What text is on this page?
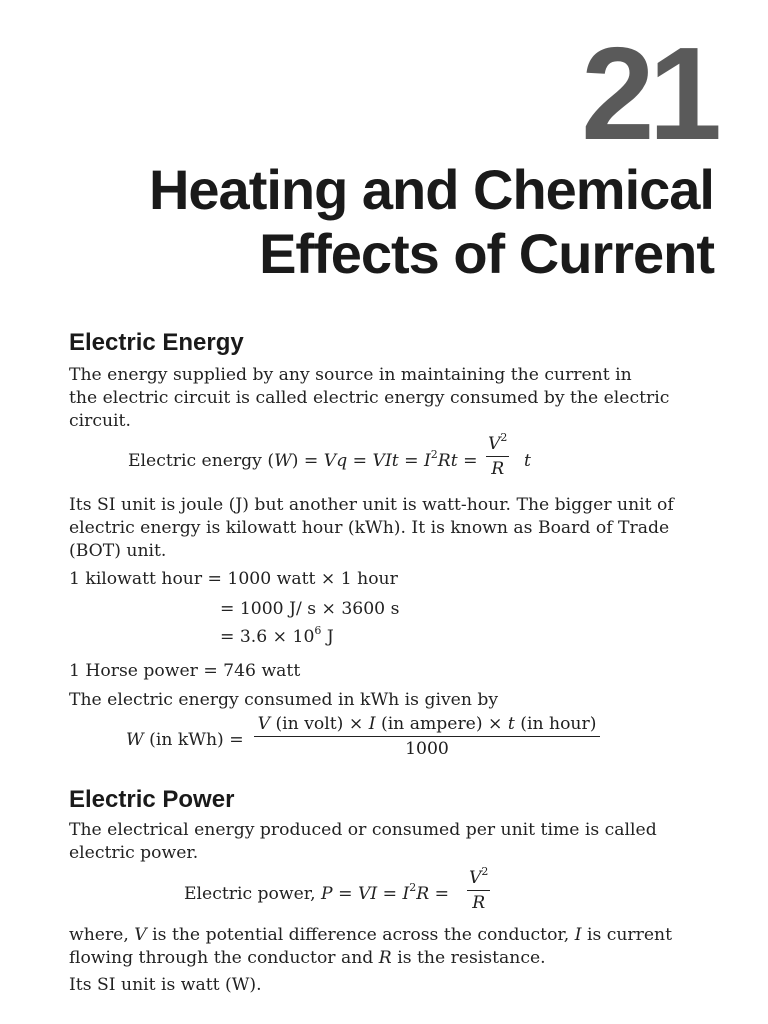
21
Heating and Chemical
Effects of Current
Electric Energy
The energy supplied by any source in maintaining the current in
the electric circuit is called electric energy consumed by the electric
circuit.
Electric energy (W) = Vq = VIt = $I^2Rt = \frac{V^2}{R}$ t
Its SI unit is joule (J) but another unit is watt-hour. The bigger unit of
electric energy is kilowatt hour (kWh). It is known as Board of Trade
(BOT) unit.
1 kilowatt hour = 1000 watt × 1 hour
= 1000 J/ s × 3600 s
= $3.6 \times 10^6$ J
1 Horse power = 746 watt
The electric energy consumed in kWh is given by
W (in kWh) =
V (in volt) × I (in ampere) × t (in hour)
1000
Electric Power
The electrical energy produced or consumed per unit time is called
electric power.
Electric power, P = VI = $I^2R = \frac{V^2}{R}$
where, V is the potential difference across the conductor, I is current
flowing through the conductor and R is the resistance.
Its SI unit is watt (W).
